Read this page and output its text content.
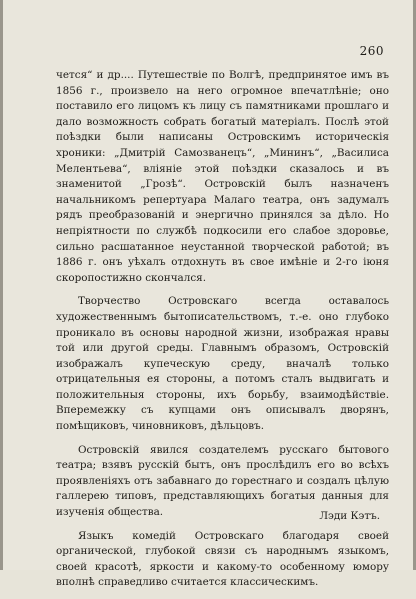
260

чется“ и др.... Путешествіе по Волгѣ, предпринятое имъ въ 1856 г., произвело на него огромное впечатлѣніе; оно поставило его лицомъ къ лицу съ памятниками прошлаго и дало возможность собрать богатый матеріалъ. Послѣ этой поѣздки были написаны Островскимъ историческія хроники: „Дмитрій Самозванецъ“, „Мининъ“, „Василиса Мелентьева“, вліяніе этой поѣздки сказалось и въ знаменитой „Грозѣ“. Островскій былъ назначенъ начальникомъ репертуара Малаго театра, онъ задумалъ рядъ преобразованій и энергично принялся за дѣло. Но непріятности по службѣ подкосили его слабое здоровье, сильно расшатанное неустанной творческой работой; въ 1886 г. онъ уѣхалъ отдохнуть въ свое имѣніе и 2-го іюня скоропостижно скончался.

Творчество Островскаго всегда оставалось художественнымъ бытописательствомъ, т.-е. оно глубоко проникало въ основы народной жизни, изображая нравы той или другой среды. Главнымъ образомъ, Островскій изображалъ купеческую среду, вначалѣ только отрицательныя ея стороны, а потомъ сталъ выдвигать и положительныя стороны, ихъ борьбу, взаимодѣйствіе. Вперемежку съ купцами онъ описывалъ дворянъ, помѣщиковъ, чиновниковъ, дѣльцовъ.

Островскій явился создателемъ русскаго бытового театра; взявъ русскій бытъ, онъ прослѣдилъ его во всѣхъ проявленіяхъ отъ забавнаго до горестнаго и создалъ цѣлую галлерею типовъ, представляющихъ богатыя данныя для изученія общества.

Языкъ комедій Островскаго благодаря своей органической, глубокой связи съ народнымъ языкомъ, своей красотѣ, яркости и какому-то особенному юмору вполнѣ справедливо считается классическимъ.

Лэди Кэтъ.
